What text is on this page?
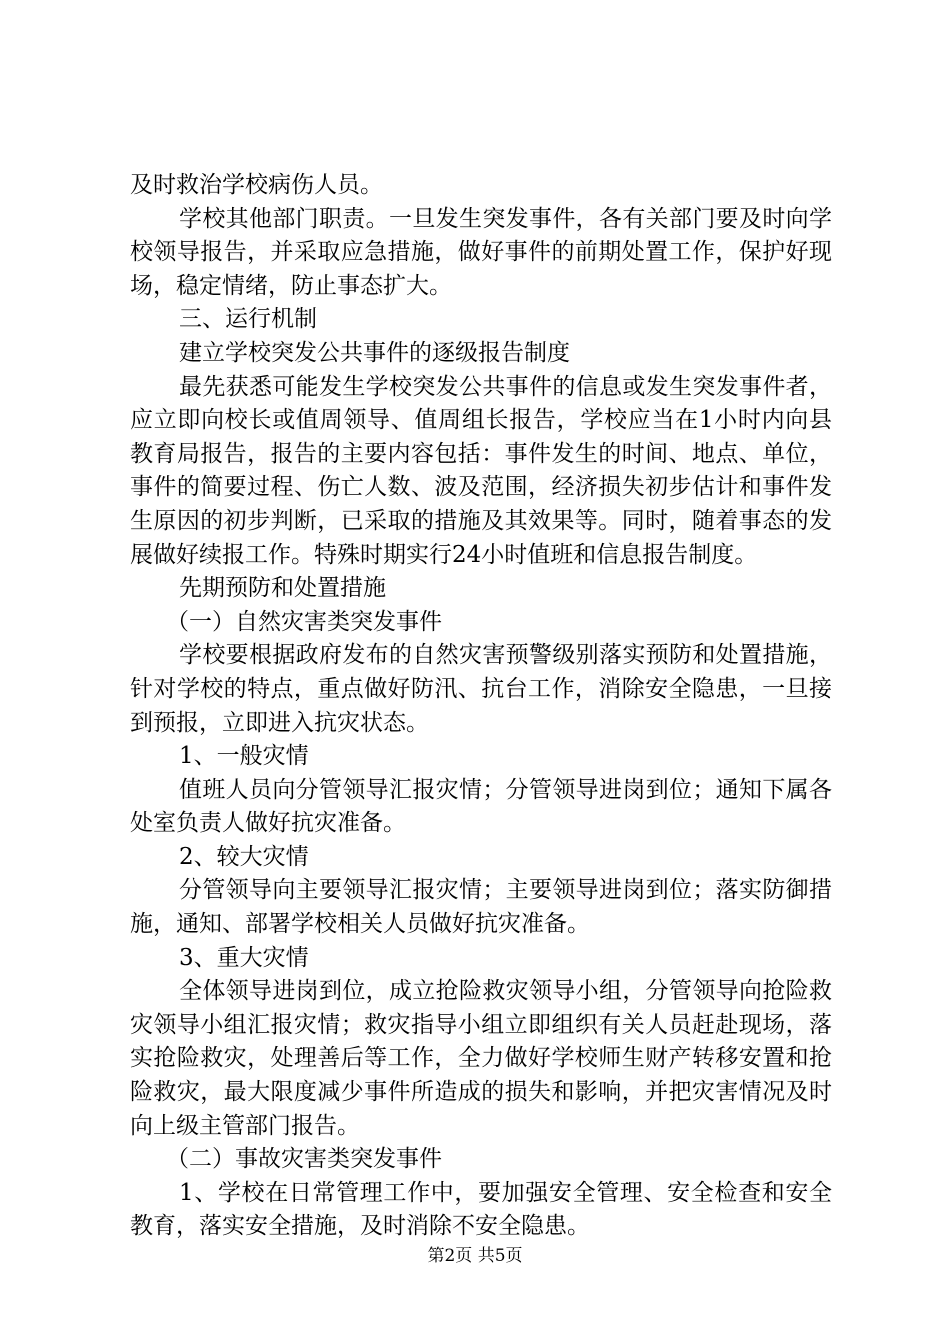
及时救治学校病伤人员。

学校其他部门职责。一旦发生突发事件，各有关部门要及时向学校领导报告，并采取应急措施，做好事件的前期处置工作，保护好现场，稳定情绪，防止事态扩大。

三、运行机制

建立学校突发公共事件的逐级报告制度

最先获悉可能发生学校突发公共事件的信息或发生突发事件者，应立即向校长或值周领导、值周组长报告，学校应当在1小时内向县教育局报告，报告的主要内容包括：事件发生的时间、地点、单位，事件的简要过程、伤亡人数、波及范围，经济损失初步估计和事件发生原因的初步判断，已采取的措施及其效果等。同时，随着事态的发展做好续报工作。特殊时期实行24小时值班和信息报告制度。

先期预防和处置措施

（一）自然灾害类突发事件

学校要根据政府发布的自然灾害预警级别落实预防和处置措施，针对学校的特点，重点做好防汛、抗台工作，消除安全隐患，一旦接到预报，立即进入抗灾状态。

1、一般灾情

值班人员向分管领导汇报灾情；分管领导进岗到位；通知下属各处室负责人做好抗灾准备。

2、较大灾情

分管领导向主要领导汇报灾情；主要领导进岗到位；落实防御措施，通知、部署学校相关人员做好抗灾准备。

3、重大灾情

全体领导进岗到位，成立抢险救灾领导小组，分管领导向抢险救灾领导小组汇报灾情；救灾指导小组立即组织有关人员赶赴现场，落实抢险救灾，处理善后等工作，全力做好学校师生财产转移安置和抢险救灾，最大限度减少事件所造成的损失和影响，并把灾害情况及时向上级主管部门报告。

（二）事故灾害类突发事件

1、学校在日常管理工作中，要加强安全管理、安全检查和安全教育，落实安全措施，及时消除不安全隐患。

第2页 共5页
